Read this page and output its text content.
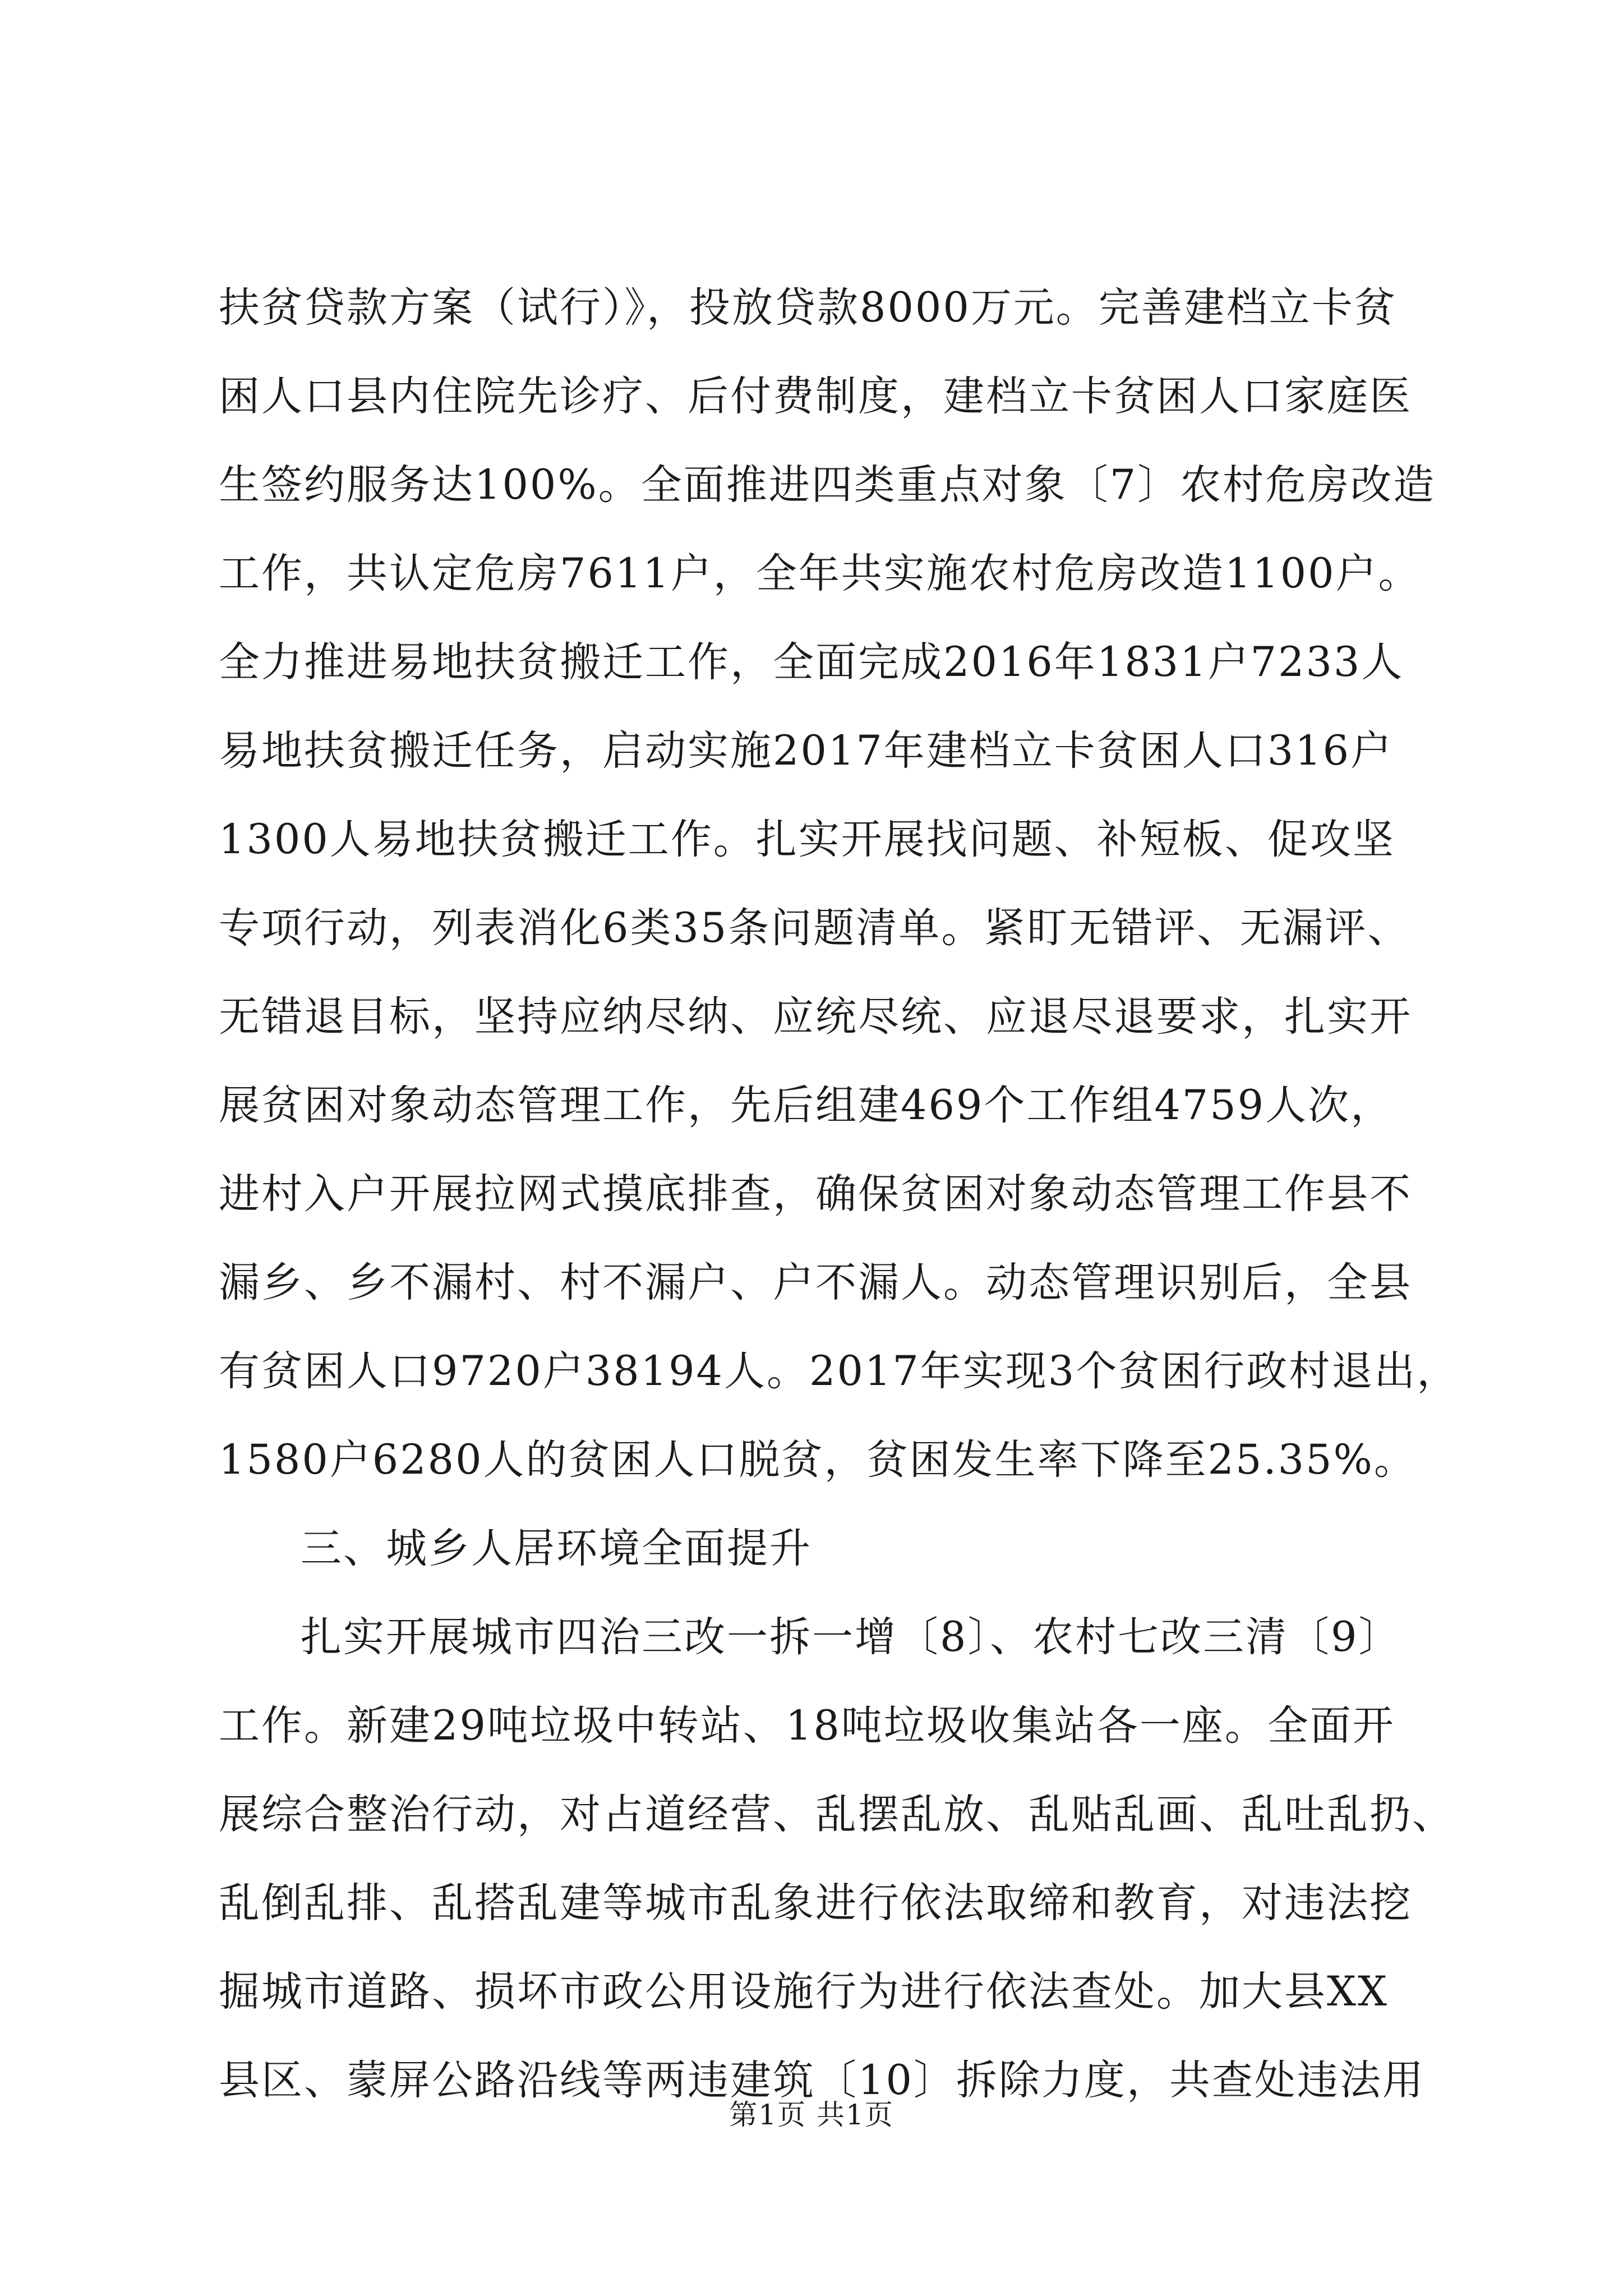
扶贫贷款方案（试行）》，投放贷款8000万元。完善建档立卡贫
困人口县内住院先诊疗、后付费制度，建档立卡贫困人口家庭医
生签约服务达100%。全面推进四类重点对象〔7〕农村危房改造
工作，共认定危房7611户，全年共实施农村危房改造1100户。
全力推进易地扶贫搬迁工作，全面完成2016年1831户7233人
易地扶贫搬迁任务，启动实施2017年建档立卡贫困人口316户
1300人易地扶贫搬迁工作。扎实开展找问题、补短板、促攻坚
专项行动，列表消化6类35条问题清单。紧盯无错评、无漏评、
无错退目标，坚持应纳尽纳、应统尽统、应退尽退要求，扎实开
展贫困对象动态管理工作，先后组建469个工作组4759人次，
进村入户开展拉网式摸底排查，确保贫困对象动态管理工作县不
漏乡、乡不漏村、村不漏户、户不漏人。动态管理识别后，全县
有贫困人口9720户38194人。2017年实现3个贫困行政村退出，
1580户6280人的贫困人口脱贫，贫困发生率下降至25.35%。
三、城乡人居环境全面提升
扎实开展城市四治三改一拆一增〔8〕、农村七改三清〔9〕
工作。新建29吨垃圾中转站、18吨垃圾收集站各一座。全面开
展综合整治行动，对占道经营、乱摆乱放、乱贴乱画、乱吐乱扔、
乱倒乱排、乱搭乱建等城市乱象进行依法取缔和教育，对违法挖
掘城市道路、损坏市政公用设施行为进行依法查处。加大县XX
县区、蒙屏公路沿线等两违建筑〔10〕拆除力度，共查处违法用
第1页 共1页
